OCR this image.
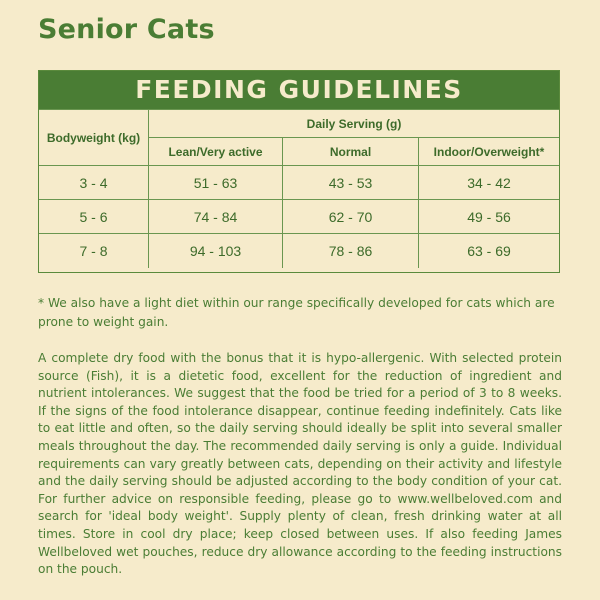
Senior Cats
FEEDING GUIDELINES
Bodyweight (kg)	Daily Serving (g)		
	Lean/Very active	Normal	Indoor/Overweight*
3 - 4	51 - 63	43 - 53	34 - 42
5 - 6	74 - 84	62 - 70	49 - 56
7 - 8	94 - 103	78 - 86	63 - 69
* We also have a light diet within our range specifically developed for cats which are prone to weight gain.
A complete dry food with the bonus that it is hypo-allergenic. With selected protein source (Fish), it is a dietetic food, excellent for the reduction of ingredient and nutrient intolerances. We suggest that the food be tried for a period of 3 to 8 weeks. If the signs of the food intolerance disappear, continue feeding indefinitely. Cats like to eat little and often, so the daily serving should ideally be split into several smaller meals throughout the day. The recommended daily serving is only a guide. Individual requirements can vary greatly between cats, depending on their activity and lifestyle and the daily serving should be adjusted according to the body condition of your cat. For further advice on responsible feeding, please go to www.wellbeloved.com and search for 'ideal body weight'. Supply plenty of clean, fresh drinking water at all times. Store in cool dry place; keep closed between uses. If also feeding James Wellbeloved wet pouches, reduce dry allowance according to the feeding instructions on the pouch.
